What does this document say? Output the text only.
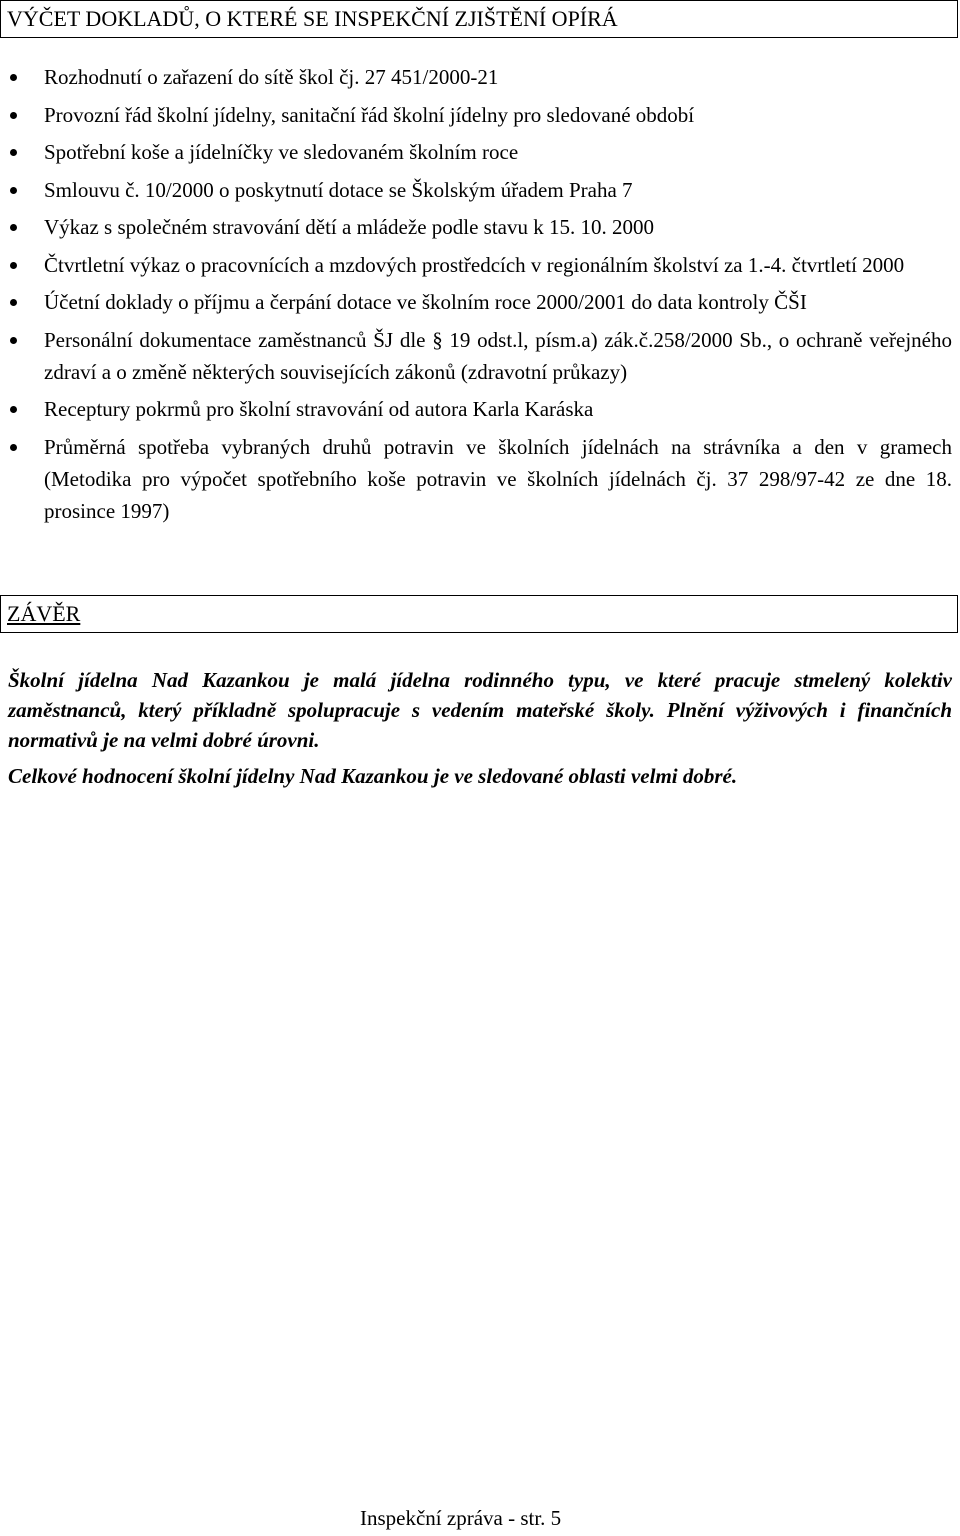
VÝČET DOKLADŮ, O KTERÉ SE INSPEKČNÍ ZJIŠTĚNÍ OPÍRÁ
Rozhodnutí o zařazení do sítě škol čj. 27 451/2000-21
Provozní řád školní jídelny, sanitační řád školní jídelny pro sledované období
Spotřební koše a jídelníčky ve sledovaném školním roce
Smlouvu č. 10/2000 o poskytnutí dotace se Školským úřadem Praha 7
Výkaz s společném stravování dětí a mládeže podle stavu k 15. 10. 2000
Čtvrtletní výkaz o pracovnících a mzdových prostředcích v regionálním školství za 1.-4. čtvrtletí 2000
Účetní doklady o příjmu a čerpání dotace ve školním roce 2000/2001 do data kontroly ČŠI
Personální dokumentace zaměstnanců ŠJ dle § 19 odst.l, písm.a) zák.č.258/2000 Sb., o ochraně veřejného zdraví a o změně některých souvisejících zákonů (zdravotní průkazy)
Receptury pokrmů pro školní stravování od autora Karla Karáska
Průměrná spotřeba vybraných druhů potravin ve školních jídelnách na strávníka a den v gramech (Metodika pro výpočet spotřebního koše potravin ve školních jídelnách čj. 37 298/97-42 ze dne 18. prosince 1997)
ZÁVĚR

Školní jídelna Nad Kazankou je malá jídelna rodinného typu, ve které pracuje stmelený kolektiv zaměstnanců, který příkladně spolupracuje s vedením mateřské školy. Plnění výživových i finančních normativů je na velmi dobré úrovni.

Celkové hodnocení školní jídelny Nad Kazankou je ve sledované oblasti velmi dobré.

Inspekční zpráva - str. 5
